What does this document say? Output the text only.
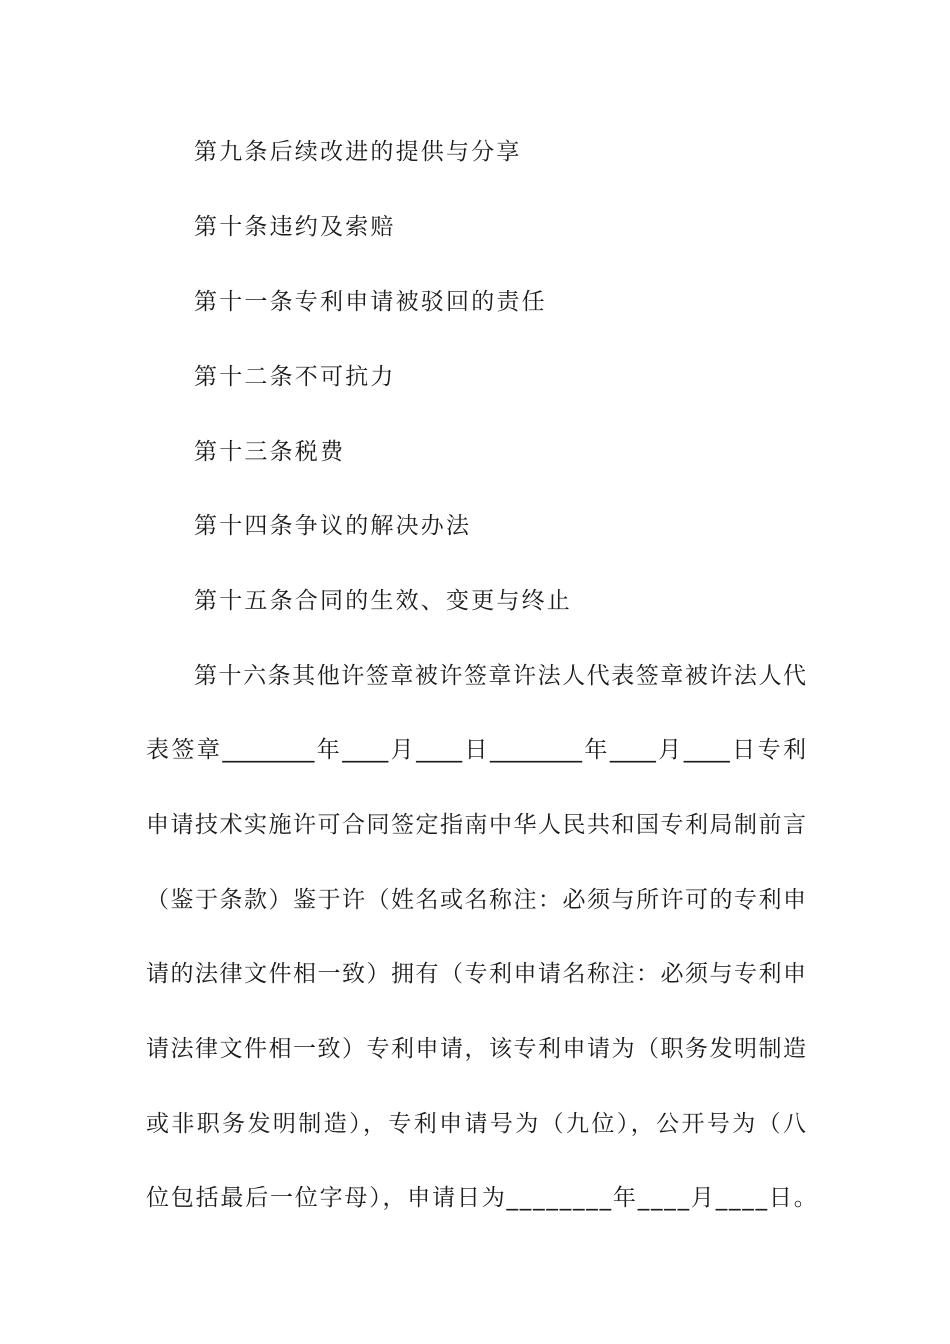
第九条后续改进的提供与分享
第十条违约及索赔
第十一条专利申请被驳回的责任
第十二条不可抗力
第十三条税费
第十四条争议的解决办法
第十五条合同的生效、变更与终止
第十六条其他许签章被许签章许法人代表签章被许法人代
表签章________年____月____日________年____月____日专利
申请技术实施许可合同签定指南中华人民共和国专利局制前言
（鉴于条款）鉴于许（姓名或名称注：必须与所许可的专利申
请的法律文件相一致）拥有（专利申请名称注：必须与专利申
请法律文件相一致）专利申请，该专利申请为（职务发明制造
或非职务发明制造），专利申请号为（九位），公开号为（八
位包括最后一位字母），申请日为________年____月____日。
